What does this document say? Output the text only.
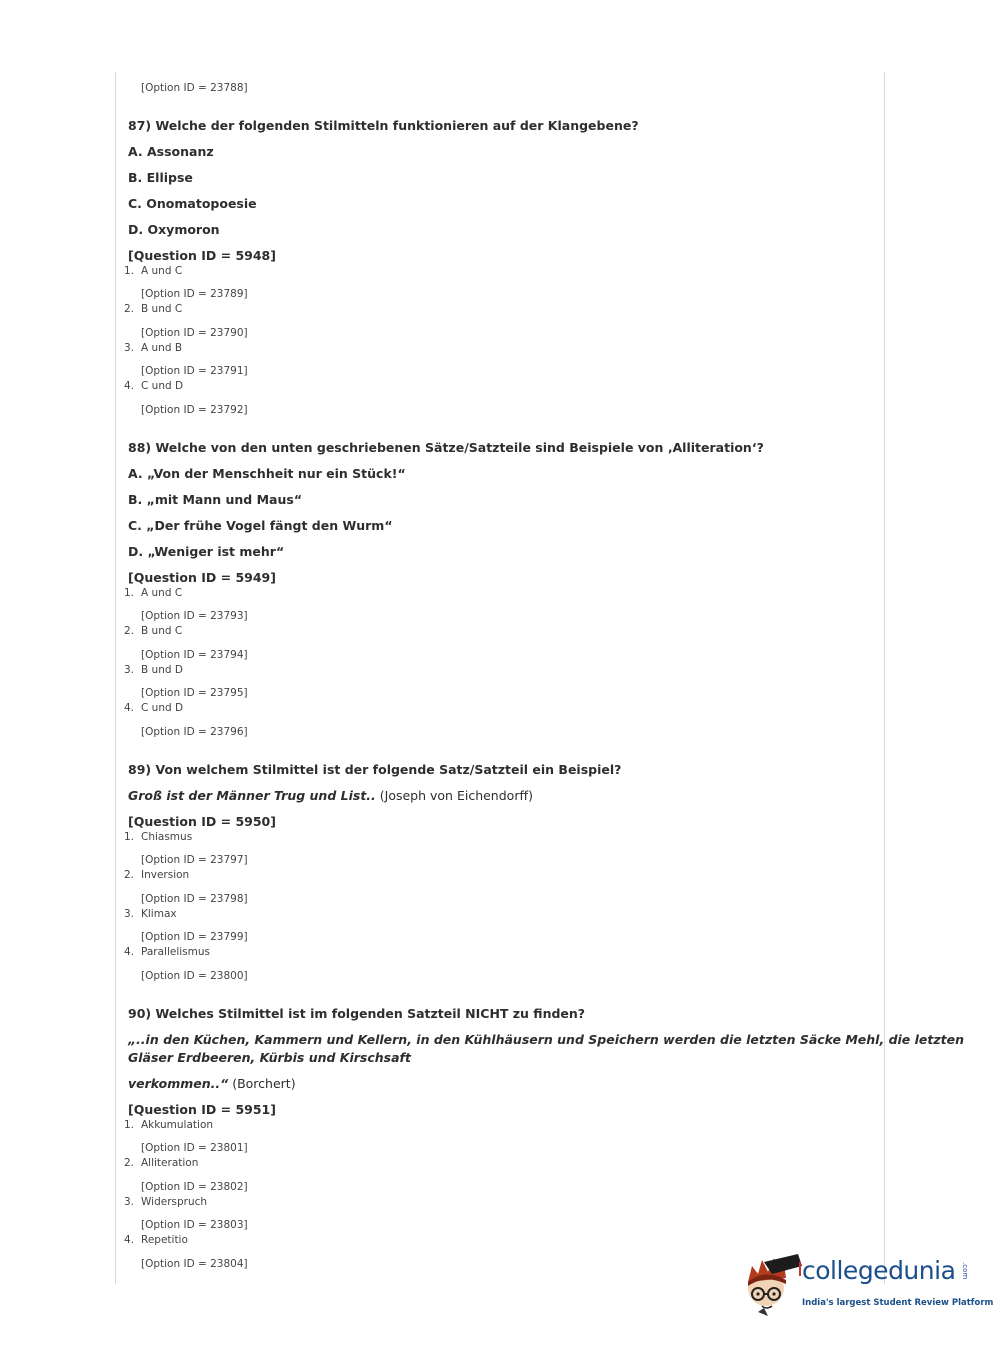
[Option ID = 23788]
87) Welche der folgenden Stilmitteln funktionieren auf der Klangebene?
A. Assonanz
B. Ellipse
C. Onomatopoesie
D. Oxymoron
[Question ID = 5948]
1. A und C
[Option ID = 23789]
2. B und C
[Option ID = 23790]
3. A und B
[Option ID = 23791]
4. C und D
[Option ID = 23792]
88) Welche von den unten geschriebenen Sätze/Satzteile sind Beispiele von ‚Alliteration‘?
A. „Von der Menschheit nur ein Stück!“
B. „mit Mann und Maus“
C. „Der frühe Vogel fängt den Wurm“
D. „Weniger ist mehr“
[Question ID = 5949]
1. A und C
[Option ID = 23793]
2. B und C
[Option ID = 23794]
3. B und D
[Option ID = 23795]
4. C und D
[Option ID = 23796]
89) Von welchem Stilmittel ist der folgende Satz/Satzteil ein Beispiel?
Groß ist der Männer Trug und List.. (Joseph von Eichendorff)
[Question ID = 5950]
1. Chiasmus
[Option ID = 23797]
2. Inversion
[Option ID = 23798]
3. Klimax
[Option ID = 23799]
4. Parallelismus
[Option ID = 23800]
90) Welches Stilmittel ist im folgenden Satzteil NICHT zu finden?
„..in den Küchen, Kammern und Kellern, in den Kühlhäusern und Speichern werden die letzten Säcke Mehl, die letzten
Gläser Erdbeeren, Kürbis und Kirschsaft
verkommen..“ (Borchert)
[Question ID = 5951]
1. Akkumulation
[Option ID = 23801]
2. Alliteration
[Option ID = 23802]
3. Widerspruch
[Option ID = 23803]
4. Repetitio
[Option ID = 23804]	collegedunia .com
India's largest Student Review Platform
